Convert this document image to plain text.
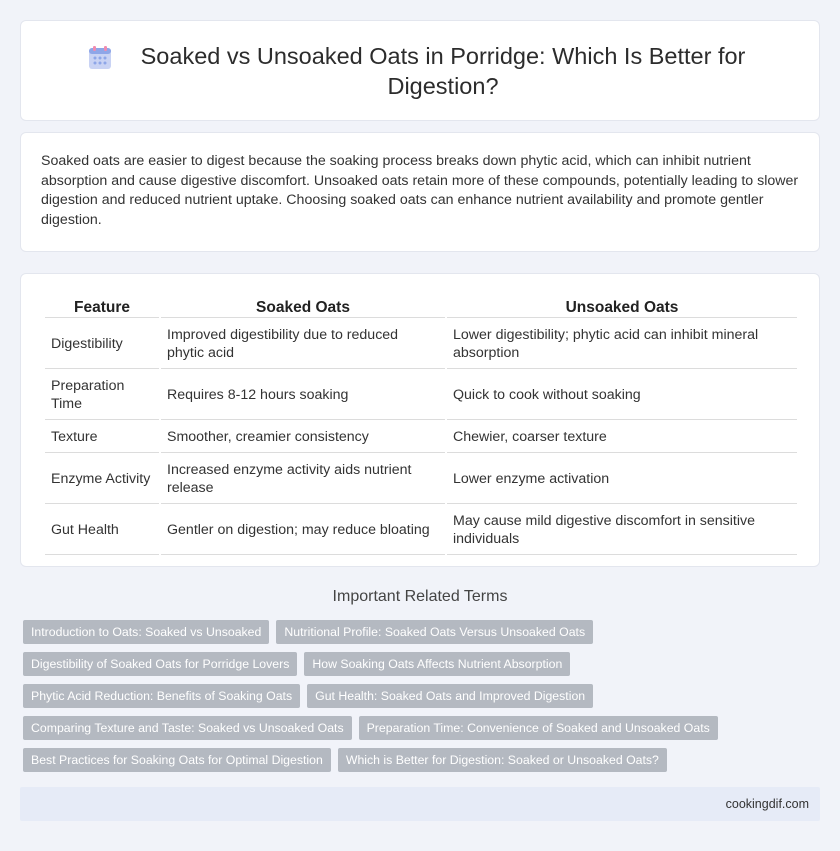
Soaked vs Unsoaked Oats in Porridge: Which Is Better for Digestion?

Soaked oats are easier to digest because the soaking process breaks down phytic acid, which can inhibit nutrient absorption and cause digestive discomfort. Unsoaked oats retain more of these compounds, potentially leading to slower digestion and reduced nutrient uptake. Choosing soaked oats can enhance nutrient availability and promote gentler digestion.

Feature	Soaked Oats	Unsoaked Oats
Digestibility	Improved digestibility due to reduced phytic acid	Lower digestibility; phytic acid can inhibit mineral absorption
Preparation Time	Requires 8-12 hours soaking	Quick to cook without soaking
Texture	Smoother, creamier consistency	Chewier, coarser texture
Enzyme Activity	Increased enzyme activity aids nutrient release	Lower enzyme activation
Gut Health	Gentler on digestion; may reduce bloating	May cause mild digestive discomfort in sensitive individuals
Important Related Terms
Introduction to Oats: Soaked vs Unsoaked	Nutritional Profile: Soaked Oats Versus Unsoaked Oats
Digestibility of Soaked Oats for Porridge Lovers	How Soaking Oats Affects Nutrient Absorption
Phytic Acid Reduction: Benefits of Soaking Oats	Gut Health: Soaked Oats and Improved Digestion
Comparing Texture and Taste: Soaked vs Unsoaked Oats	Preparation Time: Convenience of Soaked and Unsoaked Oats
Best Practices for Soaking Oats for Optimal Digestion	Which is Better for Digestion: Soaked or Unsoaked Oats?
cookingdif.com
